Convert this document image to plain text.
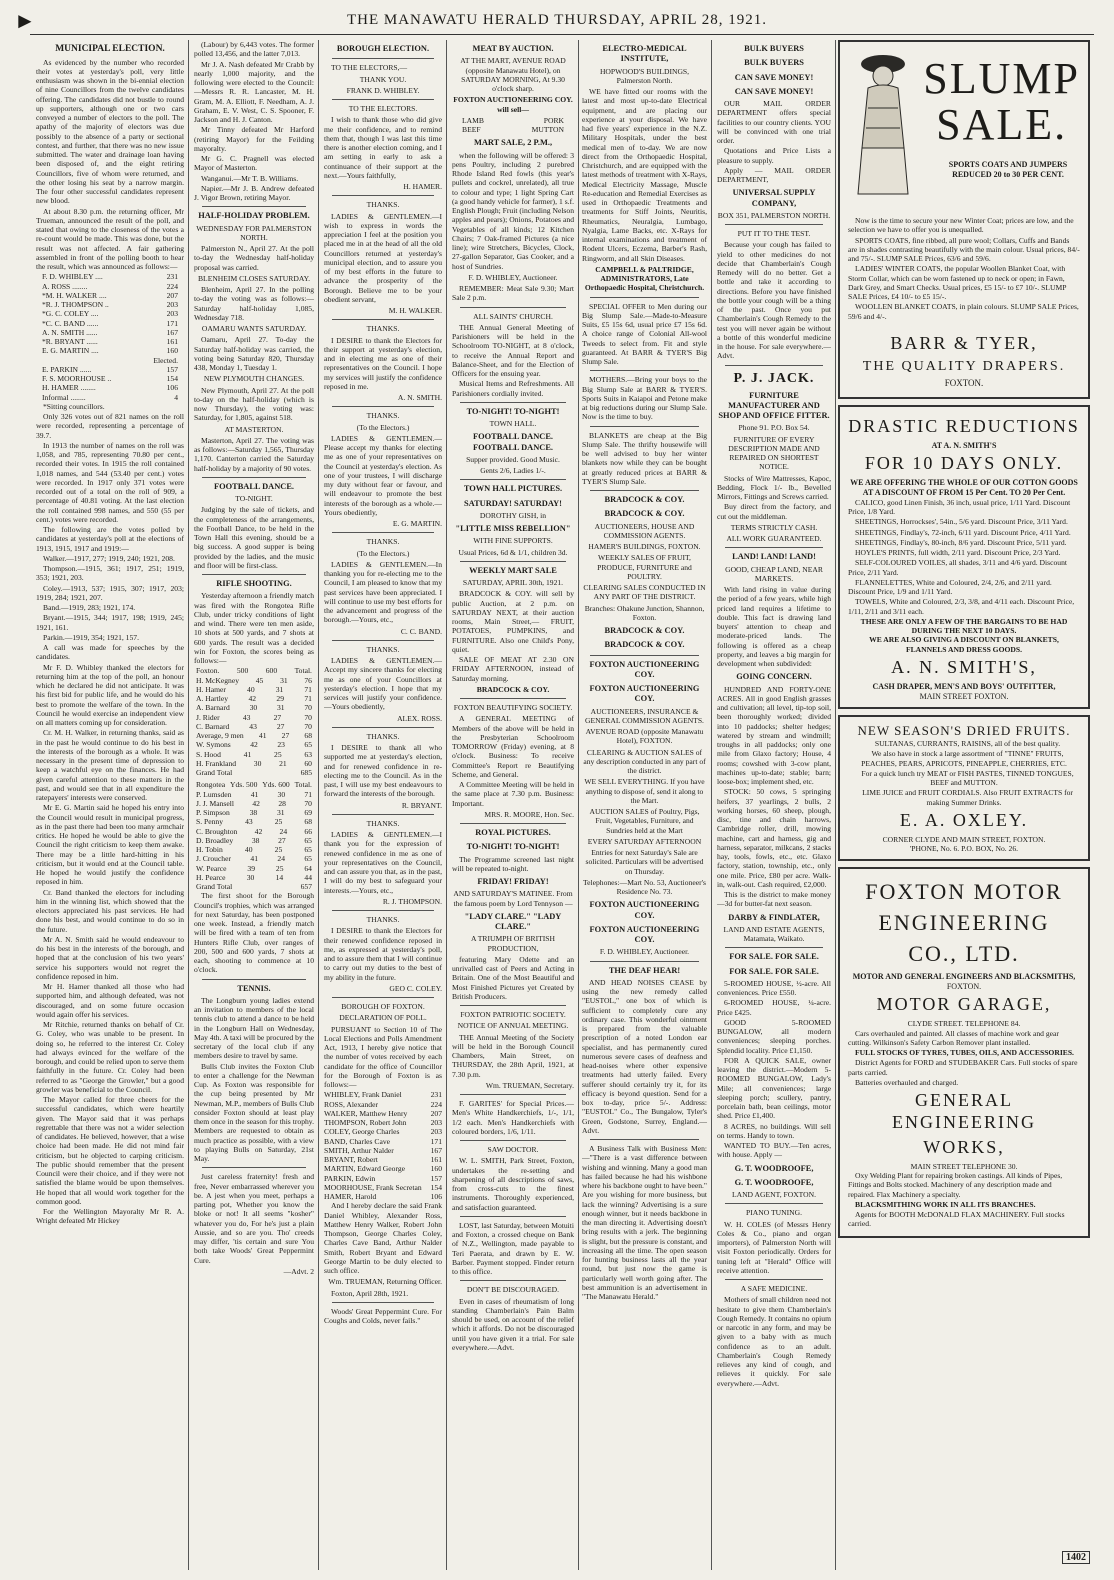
►	THE MANAWATU HERALD THURSDAY, APRIL 28, 1921.

MUNICIPAL ELECTION.

As evidenced by the number who recorded their votes at yesterday's poll, very little enthusiasm was shown in the bi-ennial election of nine Councillors from the twelve candidates offering. The candidates did not bustle to round up supporters, although one or two cars conveyed a number of electors to the poll. The apathy of the majority of electors was due possibly to the absence of a party or sectional contest, and further, that there was no new issue submitted. The water and drainage loan having been disposed of, and the eight retiring Councillors, five of whom were returned, and the other losing his seat by a narrow margin. The four other successful candidates represent new blood.

At about 8.30 p.m. the returning officer, Mr Trueman, announced the result of the poll, and stated that owing to the closeness of the votes a re-count would be made. This was done, but the result was not affected. A fair gathering assembled in front of the polling booth to hear the result, which was announced as follows:—

F. D. WHIBLEY ....	231
A. ROSS ........	224
*M. H. WALKER ....	207
*R. J. THOMPSON ..	203
*G. C. COLEY ....	203
*C. C. BAND ......	171
A. N. SMITH ......	167
*R. BRYANT ......	161
E. G. MARTIN ....	160
Elected.
E. PARKIN ......	157
F. S. MOORHOUSE ..	154
H. HAMER ........	106
Informal ........	4

*Sitting councillors.

Only 326 votes out of 821 names on the roll were recorded, representing a percentage of 39.7.

In 1913 the number of names on the roll was 1,058, and 785, representing 70.80 per cent., recorded their votes. In 1915 the roll contained 1,018 names, and 544 (53.40 per cent.) votes were recorded. In 1917 only 371 votes were recorded out of a total on the roll of 909, a percentage of 40.81 voting. At the last election the roll contained 998 names, and 550 (55 per cent.) votes were recorded.

The following are the votes polled by candidates at yesterday's poll at the elections of 1913, 1915, 1917 and 1919:—

Walker.—1917, 277; 1919, 240; 1921, 208.

Thompson.—1915, 361; 1917, 251; 1919, 353; 1921, 203.

Coley.—1913, 537; 1915, 307; 1917, 203; 1919, 284; 1921, 207.

Band.—1919, 283; 1921, 174.

Bryant.—1915, 344; 1917, 198; 1919, 245; 1921, 161.

Parkin.—1919, 354; 1921, 157.

A call was made for speeches by the candidates.

Mr F. D. Whibley thanked the electors for returning him at the top of the poll, an honour which he declared he did not anticipate. It was his first bid for public life, and he would do his best to promote the welfare of the town. In the Council he would exercise an independent view on all matters coming up for consideration.

Cr. M. H. Walker, in returning thanks, said as in the past he would continue to do his best in the interests of the borough as a whole. It was necessary in the present time of depression to keep a watchful eye on the finances. He had given careful attention to these matters in the past, and would see that in all expenditure the ratepayers' interests were conserved.

Mr E. G. Martin said he hoped his entry into the Council would result in municipal progress, as in the past there had been too many armchair critics. He hoped he would be able to give the Council the right criticism to keep them awake. There may be a little hard-hitting in his criticism, but it would end at the Council table. He hoped he would justify the confidence reposed in him.

Cr. Band thanked the electors for including him in the winning list, which showed that the electors appreciated his past services. He had done his best, and would continue to do so in the future.

Mr A. N. Smith said he would endeavour to do his best in the interests of the borough, and hoped that at the conclusion of his two years' service his supporters would not regret the confidence reposed in him.

Mr H. Hamer thanked all those who had supported him, and although defeated, was not discouraged, and on some future occasion would again offer his services.

Mr Ritchie, returned thanks on behalf of Cr. G. Coley, who was unable to be present. In doing so, he referred to the interest Cr. Coley had always evinced for the welfare of the borough, and could be relied upon to serve them faithfully in the future. Cr. Coley had been referred to as "George the Growler," but a good growler was beneficial to the Council.

The Mayor called for three cheers for the successful candidates, which were heartily given. The Mayor said that it was perhaps regrettable that there was not a wider selection of candidates. He believed, however, that a wise choice had been made. He did not mind fair criticism, but he objected to carping criticism. The public should remember that the present Council were their choice, and if they were not satisfied the blame would be upon themselves. He hoped that all would work together for the common good.

For the Wellington Mayoralty Mr R. A. Wright defeated Mr Hickey

(Labour) by 6,443 votes. The former polled 13,456, and the latter 7,013.

Mr J. A. Nash defeated Mr Crabb by nearly 1,000 majority, and the following were elected to the Council:—Messrs R. R. Lancaster, M. H. Gram, M. A. Elliott, F. Needham, A. J. Graham, E. V. West, C. S. Spooner, F. Jackson and H. J. Canton.

Mr Tinny defeated Mr Harford (retiring Mayor) for the Feilding mayoralty.

Mr G. C. Pragnell was elected Mayor of Masterton.

Wanganui.—Mr T. B. Williams.

Napier.—Mr J. B. Andrew defeated J. Vigor Brown, retiring Mayor.

HALF-HOLIDAY PROBLEM.

WEDNESDAY FOR PALMERSTON NORTH.

Palmerston N., April 27. At the poll to-day the Wednesday half-holiday proposal was carried.

BLENHEIM CLOSES SATURDAY.

Blenheim, April 27. In the polling to-day the voting was as follows:—Saturday half-holiday 1,085, Wednesday 718.

OAMARU WANTS SATURDAY.

Oamaru, April 27. To-day the Saturday half-holiday was carried, the voting being Saturday 820, Thursday 438, Monday 1, Tuesday 1.

NEW PLYMOUTH CHANGES.

New Plymouth, April 27. At the poll to-day on the half-holiday (which is now Thursday), the voting was: Saturday, for 1,805, against 518.

AT MASTERTON.

Masterton, April 27. The voting was as follows:—Saturday 1,565, Thursday 1,170. Canterton carried the Saturday half-holiday by a majority of 90 votes.

FOOTBALL DANCE.

TO-NIGHT.

Judging by the sale of tickets, and the completeness of the arrangements, the Football Dance, to be held in the Town Hall this evening, should be a big success. A good supper is being provided by the ladies, and the music and floor will be first-class.

RIFLE SHOOTING.

Yesterday afternoon a friendly match was fired with the Rongotea Rifle Club, under tricky conditions of light and wind. There were ten men aside, 10 shots at 500 yards, and 7 shots at 600 yards. The result was a decided win for Foxton, the scores being as follows:—

Foxton. 500 600 Total.
H. McKegney 45 31 76
H. Hamer	40	31	71
A. Hartley	42	29	71
A. Barnard	30	31	70
J. Rider	43	27	70
C. Barnard	43	27	70
Average, 9 men 41 27 68
W. Symons	42	23	65
S. Hood	41	25	63
H. Frankland 30 21 60
Grand Total	685
Rongotea Yds. 500 Yds. 600 Total.
P. Lumsden	41	30	71
J. J. Mansell 42 28 70
P. Simpson	38	31	69
S. Penny	43	25	68
C. Broughton 42 24 66
D. Broadley 38 27 65
H. Tobin	40	25	65
J. Croucher	41	24	65
W. Pearce	39	25	64
H. Pearce	30	14	44
Grand Total	657

The first shoot for the Borough Council's trophies, which was arranged for next Saturday, has been postponed one week. Instead, a friendly match will be fired with a team of ten from Hunters Rifle Club, over ranges of 200, 500 and 600 yards, 7 shots at each, shooting to commence at 10 o'clock.

TENNIS.

The Longburn young ladies extend an invitation to members of the local tennis club to attend a dance to be held in the Longburn Hall on Wednesday, May 4th. A taxi will be procured by the secretary of the local club if any members desire to travel by same.

Bulls Club invites the Foxton Club to enter a challenge for the Newman Cup. As Foxton was responsible for the cup being presented by Mr Newman, M.P., members of Bulls Club consider Foxton should at least play them once in the season for this trophy. Members are requested to obtain as much practice as possible, with a view to playing Bulls on Saturday, 21st May.

Just careless fraternity! fresh and free, Never embarrassed wherever you be. A jest when you meet, perhaps a parting pot, Whether you know the bloke or not! It all seems "kosher" whatever you do, For he's just a plain Aussie, and so are you. Tho' creeds may differ, 'tis certain and sure You both take Woods' Great Peppermint Cure.

—Advt. 2

BOROUGH ELECTION.

TO THE ELECTORS,—

THANK YOU.

FRANK D. WHIBLEY.

TO THE ELECTORS.

I wish to thank those who did give me their confidence, and to remind them that, though I was last this time there is another election coming, and I am setting in early to ask a continuance of their support at the next.—Yours faithfully,

H. HAMER.

THANKS.

LADIES & GENTLEMEN.—I wish to express in words the appreciation I feel at the position you placed me in at the head of all the old Councillors returned at yesterday's municipal election, and to assure you of my best efforts in the future to advance the prosperity of the Borough. Believe me to be your obedient servant,

M. H. WALKER.

THANKS.

I DESIRE to thank the Electors for their support at yesterday's election, and in electing me as one of their representatives on the Council. I hope my services will justify the confidence reposed in me.

A. N. SMITH.

THANKS.

(To the Electors.)

LADIES & GENTLEMEN.—Please accept my thanks for electing me as one of your representatives on the Council at yesterday's election. As one of your trustees, I will discharge my duty without fear or favour, and will endeavour to promote the best interests of the borough as a whole.—Yours obediently,

E. G. MARTIN.

THANKS.

(To the Electors.)

LADIES & GENTLEMEN.—In thanking you for re-electing me to the Council, I am pleased to know that my past services have been appreciated. I will continue to use my best efforts for the advancement and progress of the borough.—Yours, etc.,

C. C. BAND.

THANKS.

LADIES & GENTLEMEN.—Accept my sincere thanks for electing me as one of your Councillors at yesterday's election. I hope that my services will justify your confidence.—Yours obediently,

ALEX. ROSS.

THANKS.

I DESIRE to thank all who supported me at yesterday's election, and for renewed confidence in re-electing me to the Council. As in the past, I will use my best endeavours to forward the interests of the borough.

R. BRYANT.

THANKS.

LADIES & GENTLEMEN.—I thank you for the expression of renewed confidence in me as one of your representatives on the Council, and can assure you that, as in the past, I will do my best to safeguard your interests.—Yours, etc.,

R. J. THOMPSON.

THANKS.

I DESIRE to thank the Electors for their renewed confidence reposed in me, as expressed at yesterday's poll, and to assure them that I will continue to carry out my duties to the best of my ability in the future.

GEO C. COLEY.

BOROUGH OF FOXTON.

DECLARATION OF POLL.

PURSUANT to Section 10 of The Local Elections and Polls Amendment Act, 1913, I hereby give notice that the number of votes received by each candidate for the office of Councillor for the Borough of Foxton is as follows:—

WHIBLEY, Frank Daniel	231
ROSS, Alexander	224
WALKER, Matthew Henry	207
THOMPSON, Robert John	203
COLEY, George Charles	203
BAND, Charles Cave	171
SMITH, Arthur Nalder	167
BRYANT, Robert	161
MARTIN, Edward George	160
PARKIN, Edwin	157
MOORHOUSE, Frank Secretan 154
HAMER, Harold	106

And I hereby declare the said Frank Daniel Whibley, Alexander Ross, Matthew Henry Walker, Robert John Thompson, George Charles Coley, Charles Cave Band, Arthur Nalder Smith, Robert Bryant and Edward George Martin to be duly elected to such office.

Wm. TRUEMAN, Returning Officer.

Foxton, April 28th, 1921.

Woods' Great Peppermint Cure. For Coughs and Colds, never fails."

MEAT BY AUCTION.

AT THE MART, AVENUE ROAD (opposite Manawatu Hotel), on SATURDAY MORNING, At 9.30 o'clock sharp.

FOXTON AUCTIONEERING COY. will sell—

LAMB	PORK
BEEF	MUTTON

MART SALE, 2 P.M.,

when the following will be offered: 3 pens Poultry, including 2 purebred Rhode Island Red fowls (this year's pullets and cockrel, unrelated), all true to colour and type; 1 light Spring Cart (a good handy vehicle for farmer), 1 s.f. English Plough; Fruit (including Nelson apples and pears); Onions, Potatoes and Vegetables of all kinds; 12 Kitchen Chairs; 7 Oak-framed Pictures (a nice line); wire Stretchers, Bicycles, Clock, 27-gallon Separator, Gas Cooker, and a host of Sundries.

F. D. WHIBLEY, Auctioneer.

REMEMBER: Meat Sale 9.30; Mart Sale 2 p.m.

ALL SAINTS' CHURCH.

THE Annual General Meeting of Parishioners will be held in the Schoolroom TO-NIGHT, at 8 o'clock, to receive the Annual Report and Balance-Sheet, and for the Election of Officers for the ensuing year.

Musical Items and Refreshments. All Parishioners cordially invited.

TO-NIGHT! TO-NIGHT!

TOWN HALL.

FOOTBALL DANCE. FOOTBALL DANCE.

Supper provided. Good Music.

Gents 2/6, Ladies 1/-.

TOWN HALL PICTURES.

SATURDAY! SATURDAY!

DOROTHY GISH, in

"LITTLE MISS REBELLION"

WITH FINE SUPPORTS.

Usual Prices, 6d & 1/1, children 3d.

WEEKLY MART SALE

SATURDAY, APRIL 30th, 1921.

BRADCOCK & COY. will sell by public Auction, at 2 p.m. on SATURDAY NEXT, at their auction rooms, Main Street,— FRUIT, POTATOES, PUMPKINS, and FURNITURE. Also one Child's Pony, quiet.

SALE OF MEAT AT 2.30 ON FRIDAY AFTERNOON, instead of Saturday morning.

BRADCOCK & COY.

FOXTON BEAUTIFYING SOCIETY.

A GENERAL MEETING of Members of the above will be held in the Presbyterian Schoolroom TOMORROW (Friday) evening, at 8 o'clock. Business: To receive Committee's Report re Beautifying Scheme, and General.

A Committee Meeting will be held in the same place at 7.30 p.m. Business: Important.

MRS. R. MOORE, Hon. Sec.

ROYAL PICTURES.

TO-NIGHT! TO-NIGHT!

The Programme screened last night will be repeated to-night.

FRIDAY! FRIDAY!

AND SATURDAY'S MATINEE. From the famous poem by Lord Tennyson —

"LADY CLARE." "LADY CLARE."

A TRIUMPH OF BRITISH PRODUCTION,

featuring Mary Odette and an unrivalled cast of Peers and Acting in Britain. One of the Most Beautiful and Most Finished Pictures yet Created by British Producers.

FOXTON PATRIOTIC SOCIETY.

NOTICE OF ANNUAL MEETING.

THE Annual Meeting of the Society will be held in the Borough Council Chambers, Main Street, on THURSDAY, the 28th April, 1921, at 7.30 p.m.

Wm. TRUEMAN, Secretary.

F. GARITES' for Special Prices.— Men's White Handkerchiefs, 1/-, 1/1, 1/2 each. Men's Handkerchiefs with coloured borders, 1/6, 1/11.

SAW DOCTOR.

W. L. SMITH, Park Street, Foxton, undertakes the re-setting and sharpening of all descriptions of saws, from cross-cuts to the finest instruments. Thoroughly experienced, and satisfaction guaranteed.

LOST, last Saturday, between Motuiti and Foxton, a crossed cheque on Bank of N.Z., Wellington, made payable to Teri Paerata, and drawn by E. W. Barber. Payment stopped. Finder return to this office.

DON'T BE DISCOURAGED.

Even in cases of rheumatism of long standing Chamberlain's Pain Balm should be used, on account of the relief which it affords. Do not be discouraged until you have given it a trial. For sale everywhere.—Advt.

ELECTRO-MEDICAL INSTITUTE,

HOPWOOD'S BUILDINGS, Palmerston North.

WE have fitted our rooms with the latest and most up-to-date Electrical equipment, and are placing our experience at your disposal. We have had five years' experience in the N.Z. Military Hospitals, under the best medical men of to-day. We are now direct from the Orthopaedic Hospital, Christchurch, and are equipped with the latest methods of treatment with X-Rays, Medical Electricity Massage, Muscle Re-education and Remedial Exercises as used in Orthopaedic Treatments and treatments for Stiff Joints, Neuritis, Rheumatics, Neuralgia, Lumbago, Nyalgia, Lame Backs, etc. X-Rays for internal examinations and treatment of Rodent Ulcers, Eczema, Barber's Rash, Ringworm, and all Skin Diseases.

CAMPBELL & PALTRIDGE, ADMINISTRATORS, Late Orthopaedic Hospital, Christchurch.

SPECIAL OFFER to Men during our Big Slump Sale.—Made-to-Measure Suits, £5 15s 6d, usual price £7 15s 6d. A choice range of Colonial All-wool Tweeds to select from. Fit and style guaranteed. At BARR & TYER'S Big Slump Sale.

MOTHERS.—Bring your boys to the Big Slump Sale at BARR & TYER'S. Sports Suits in Kaiapoi and Petone make at big reductions during our Slump Sale. Now is the time to buy.

BLANKETS are cheap at the Big Slump Sale. The thrifty housewife will be well advised to buy her winter blankets now while they can be bought at greatly reduced prices at BARR & TYER'S Slump Sale.

BRADCOCK & COY.

BRADCOCK & COY.

AUCTIONEERS, HOUSE AND COMMISSION AGENTS.

HAMER'S BUILDINGS, FOXTON.

WEEKLY SALES OF FRUIT, PRODUCE, FURNITURE and POULTRY.

CLEARING SALES CONDUCTED IN ANY PART OF THE DISTRICT.

Branches: Ohakune Junction, Shannon, Foxton.

BRADCOCK & COY.

BRADCOCK & COY.

FOXTON AUCTIONEERING COY.

FOXTON AUCTIONEERING COY.

AUCTIONEERS, INSURANCE & GENERAL COMMISSION AGENTS.

AVENUE ROAD (opposite Manawatu Hotel), FOXTON.

CLEARING & AUCTION SALES of any description conducted in any part of the district.

WE SELL EVERYTHING. If you have anything to dispose of, send it along to the Mart.

AUCTION SALES of Poultry, Pigs, Fruit, Vegetables, Furniture, and Sundries held at the Mart

EVERY SATURDAY AFTERNOON

Entries for next Saturday's Sale are solicited. Particulars will be advertised on Thursday.

Telephones:—Mart No. 53, Auctioneer's Residence No. 73.

FOXTON AUCTIONEERING COY.

FOXTON AUCTIONEERING COY.

F. D. WHIBLEY, Auctioneer.

THE DEAF HEAR!

AND HEAD NOISES CEASE by using the new remedy called "EUSTOL," one box of which is sufficient to completely cure any ordinary case. This wonderful ointment is prepared from the valuable prescription of a noted London ear specialist, and has permanently cured numerous severe cases of deafness and head-noises where other expensive treatments had utterly failed. Every sufferer should certainly try it, for its efficacy is beyond question. Send for a box to-day, price 5/-. Address: "EUSTOL" Co., The Bungalow, Tyler's Green, Godstone, Surrey, England.—Advt.

A Business Talk with Business Men:—"There is a vast difference between wishing and winning. Many a good man has failed because he had his wishbone where his backbone ought to have been." Are you wishing for more business, but lack the winning? Advertising is a sure enough winner, but it needs backbone in the man directing it. Advertising doesn't bring results with a jerk. The beginning is slight, but the pressure is constant, and increasing all the time. The open season for hunting business lasts all the year round, but just now the game is particularly well worth going after. The best ammunition is an advertisement in "The Manawatu Herald."

BULK BUYERS

BULK BUYERS

CAN SAVE MONEY!

CAN SAVE MONEY!

OUR MAIL ORDER DEPARTMENT offers special facilities to our country clients. YOU will be convinced with one trial order.

Quotations and Price Lists a pleasure to supply.

Apply — MAIL ORDER DEPARTMENT,

UNIVERSAL SUPPLY COMPANY,

BOX 351, PALMERSTON NORTH.

PUT IT TO THE TEST.

Because your cough has failed to yield to other medicines do not decide that Chamberlain's Cough Remedy will do no better. Get a bottle and take it according to directions. Before you have finished the bottle your cough will be a thing of the past. Once you put Chamberlain's Cough Remedy to the test you will never again be without a bottle of this wonderful medicine in the house. For sale everywhere.—Advt.

P. J. JACK.

FURNITURE MANUFACTURER AND SHOP AND OFFICE FITTER.

Phone 91. P.O. Box 54.

FURNITURE OF EVERY DESCRIPTION MADE AND REPAIRED ON SHORTEST NOTICE.

Stocks of Wire Mattresses, Kapoc, Bedding, Flock 1/- lb., Bevelled Mirrors, Fittings and Screws carried.

Buy direct from the factory, and cut out the middleman.

TERMS STRICTLY CASH.

ALL WORK GUARANTEED.

LAND! LAND! LAND!

GOOD, CHEAP LAND, NEAR MARKETS.

With land rising in value during the period of a few years, while high priced land requires a lifetime to double. This fact is drawing land buyers' attention to cheap and moderate-priced lands. The following is offered as a cheap property, and leaves a big margin for development when subdivided:

GOING CONCERN.

HUNDRED AND FORTY-ONE ACRES. All in good English grasses and cultivation; all level, tip-top soil, been thoroughly worked; divided into 10 paddocks; shelter hedges; watered by stream and windmill; troughs in all paddocks; only one mile from Glaxo factory; House, 4 rooms; cowshed with 3-cow plant, machines up-to-date; stable; barn; loose-box; implement shed, etc.

STOCK: 50 cows, 5 springing heifers, 37 yearlings, 2 bulls, 2 working horses, 60 sheep, plough, disc, tine and chain harrows, Cambridge roller, drill, mowing machine, cart and harness, gig and harness, separator, milkcans, 2 stacks hay, tools, fowls, etc., etc. Glaxo factory, station, township, etc., only one mile. Price, £80 per acre. Walk-in, walk-out. Cash required, £2,000.

This is the district to make money—3d for butter-fat next season.

DARBY & FINDLATER,

LAND AND ESTATE AGENTS, Matamata, Waikato.

FOR SALE. FOR SALE.

FOR SALE. FOR SALE.

5-ROOMED HOUSE, ½-acre. All conveniences. Price £550.

6-ROOMED HOUSE, ¼-acre. Price £425.

GOOD 5-ROOMED BUNGALOW, all modern conveniences; sleeping porches. Splendid locality. Price £1,150.

FOR A QUICK SALE, owner leaving the district.—Modern 5-ROOMED BUNGALOW, Lady's Mile; all conveniences; large sleeping porch; scullery, pantry, porcelain bath, bean ceilings, motor shed. Price £1,400.

8 ACRES, no buildings. Will sell on terms. Handy to town.

WANTED TO BUY.—Ten acres, with house. Apply —

G. T. WOODROOFE,

G. T. WOODROOFE,

LAND AGENT, FOXTON.

PIANO TUNING.

W. H. COLES (of Messrs Henry Coles & Co., piano and organ importers), of Palmerston North will visit Foxton periodically. Orders for tuning left at "Herald" Office will receive attention.

A SAFE MEDICINE.

Mothers of small children need not hesitate to give them Chamberlain's Cough Remedy. It contains no opium or narcotic in any form, and may be given to a baby with as much confidence as to an adult. Chamberlain's Cough Remedy relieves any kind of cough, and relieves it quickly. For sale everywhere.—Advt.

SLUMP
SALE.
SPORTS COATS AND JUMPERS REDUCED 20 to 30 PER CENT.

Now is the time to secure your new Winter Coat; prices are low, and the selection we have to offer you is unequalled.

SPORTS COATS, fine ribbed, all pure wool; Collars, Cuffs and Bands are in shades contrasting beautifully with the main colour. Usual prices, 84/- and 75/-. SLUMP SALE Prices, 63/6 and 59/6.

LADIES' WINTER COATS, the popular Woollen Blanket Coat, with Storm Collar, which can be worn fastened up to neck or open; in Fawn, Dark Grey, and Smart Checks. Usual prices, £5 15/- to £7 10/-. SLUMP SALE Prices, £4 10/- to £5 15/-.

WOOLLEN BLANKET COATS, in plain colours. SLUMP SALE Prices, 59/6 and 4/-.

BARR & TYER,
THE QUALITY DRAPERS.
FOXTON.
DRASTIC REDUCTIONS
AT A. N. SMITH'S
FOR 10 DAYS ONLY.
WE ARE OFFERING THE WHOLE OF OUR COTTON GOODS AT A DISCOUNT OF FROM 15 Per Cent. TO 20 Per Cent.

CALICO, good Linen Finish, 36 inch, usual price, 1/11 Yard. Discount Price, 1/8 Yard.

SHEETINGS, Horrockses', 54in., 5/6 yard. Discount Price, 3/11 Yard.

SHEETINGS, Findlay's, 72-inch, 6/11 yard. Discount Price, 4/11 Yard.

SHEETINGS, Findlay's, 80-inch, 8/6 yard. Discount Price, 5/11 yard.

HOYLE'S PRINTS, full width, 2/11 yard. Discount Price, 2/3 Yard.

SELF-COLOURED VOILES, all shades, 3/11 and 4/6 yard. Discount Price, 2/11 Yard.

FLANNELETTES, White and Coloured, 2/4, 2/6, and 2/11 yard. Discount Price, 1/9 and 1/11 Yard.

TOWELS, White and Coloured, 2/3, 3/8, and 4/11 each. Discount Price, 1/11, 2/11 and 3/11 each.

THESE ARE ONLY A FEW OF THE BARGAINS TO BE HAD DURING THE NEXT 10 DAYS.
WE ARE ALSO GIVING A DISCOUNT ON BLANKETS, FLANNELS AND DRESS GOODS.
A. N. SMITH'S,
CASH DRAPER, MEN'S AND BOYS' OUTFITTER,
MAIN STREET FOXTON.
NEW SEASON'S DRIED FRUITS.

SULTANAS, CURRANTS, RAISINS, all of the best quality.

We also have in stock a large assortment of "TINNE" FRUITS, PEACHES, PEARS, APRICOTS, PINEAPPLE, CHERRIES, ETC.

For a quick lunch try MEAT or FISH PASTES, TINNED TONGUES, BEEF and MUTTON.

LIME JUICE and FRUIT CORDIALS. Also FRUIT EXTRACTS for making Summer Drinks.

E. A. OXLEY.
CORNER CLYDE AND MAIN STREET, FOXTON.
'PHONE, No. 6. P.O. BOX, No. 26.
FOXTON MOTOR
ENGINEERING
CO., LTD.
MOTOR AND GENERAL ENGINEERS AND BLACKSMITHS,
FOXTON.
MOTOR GARAGE,
CLYDE STREET. TELEPHONE 84.

Cars overhauled and painted. All classes of machine work and gear cutting. Wilkinson's Safety Carbon Remover plant installed.

FULL STOCKS OF TYRES, TUBES, OILS, AND ACCESSORIES.

District Agents for FORD and STUDEBAKER Cars. Full stocks of spare parts carried.

Batteries overhauled and charged.

GENERAL ENGINEERING
WORKS,
MAIN STREET TELEPHONE 30.

Oxy Welding Plant for repairing broken castings. All kinds of Pipes, Fittings and Bolts stocked. Machinery of any description made and repaired. Flax Machinery a specialty.

BLACKSMITHING WORK IN ALL ITS BRANCHES.

Agents for BOOTH McDONALD FLAX MACHINERY. Full stocks carried.

1402
